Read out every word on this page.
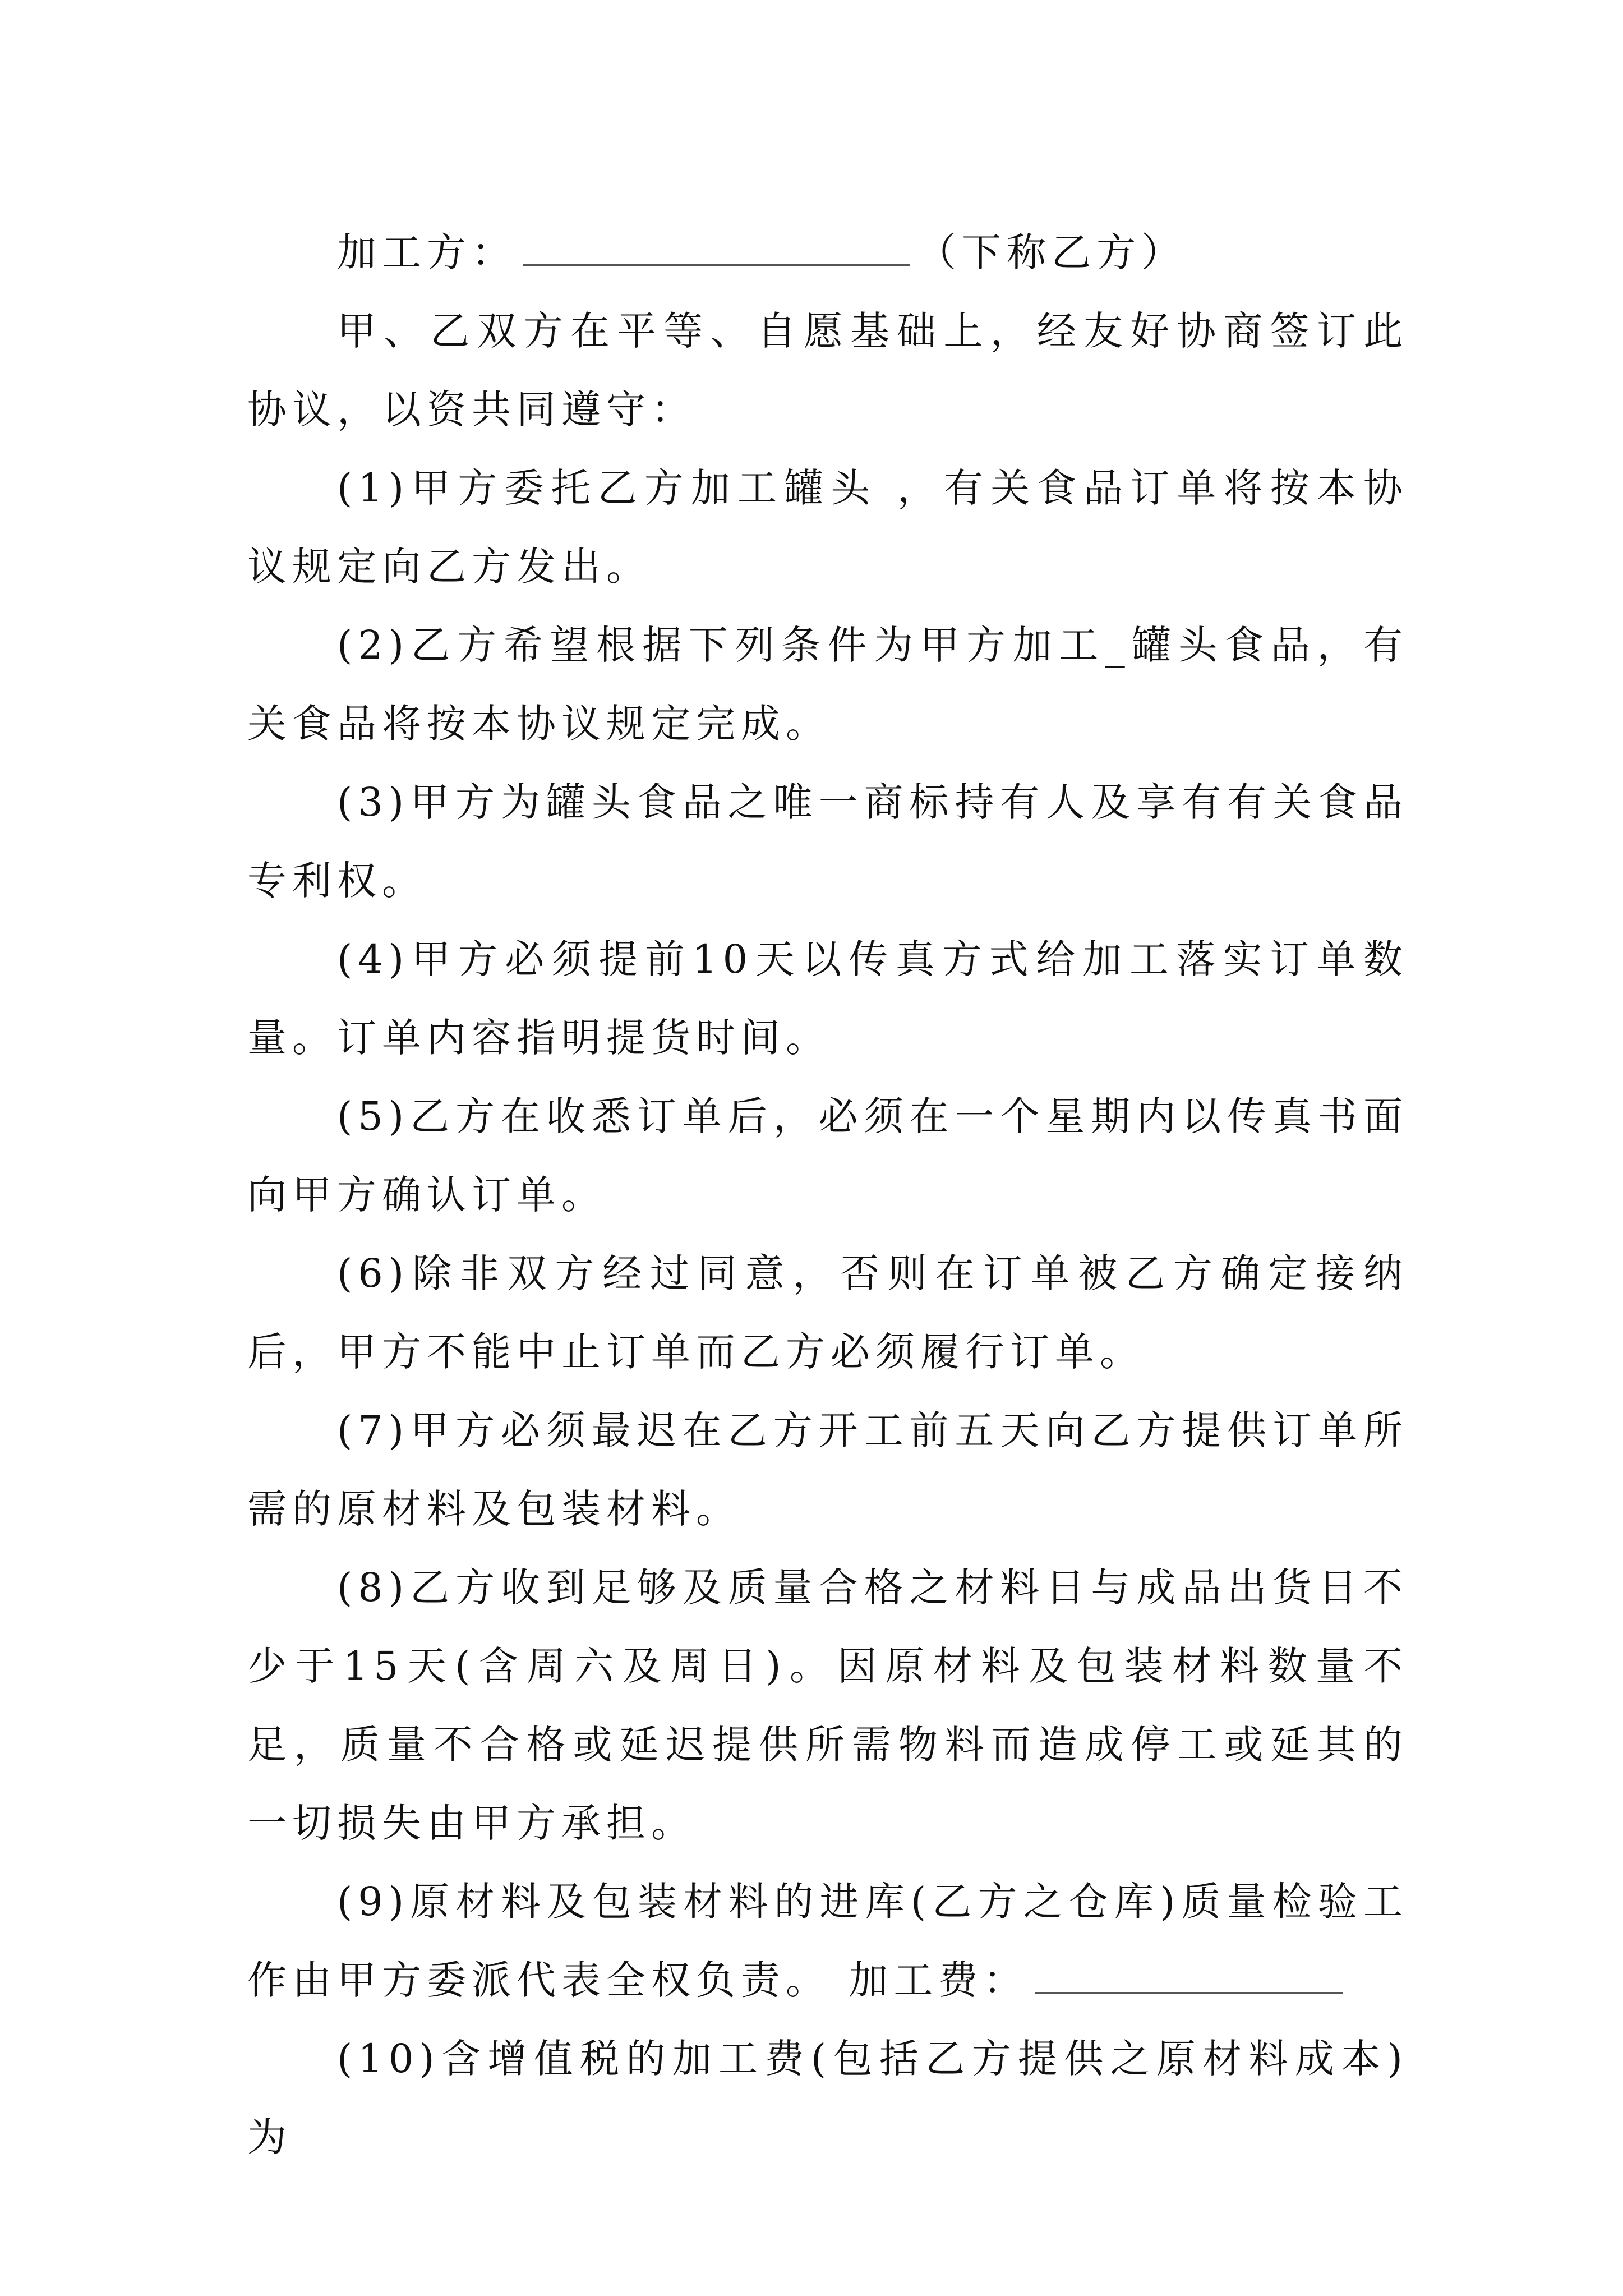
加工方：	（下称乙方）

甲、乙双方在平等、自愿基础上，经友好协商签订此协议，以资共同遵守：

(1)甲方委托乙方加工罐头 ，有关食品订单将按本协议规定向乙方发出。

(2)乙方希望根据下列条件为甲方加工_罐头食品，有关食品将按本协议规定完成。

(3)甲方为罐头食品之唯一商标持有人及享有有关食品专利权。

(4)甲方必须提前10天以传真方式给加工落实订单数量。订单内容指明提货时间。

(5)乙方在收悉订单后，必须在一个星期内以传真书面向甲方确认订单。

(6)除非双方经过同意，否则在订单被乙方确定接纳后，甲方不能中止订单而乙方必须履行订单。

(7)甲方必须最迟在乙方开工前五天向乙方提供订单所需的原材料及包装材料。

(8)乙方收到足够及质量合格之材料日与成品出货日不少于15天(含周六及周日)。因原材料及包装材料数量不足，质量不合格或延迟提供所需物料而造成停工或延其的一切损失由甲方承担。

(9)原材料及包装材料的进库(乙方之仓库)质量检验工作由甲方委派代表全权负责。 加工费：

(10)含增值税的加工费(包括乙方提供之原材料成本)为
